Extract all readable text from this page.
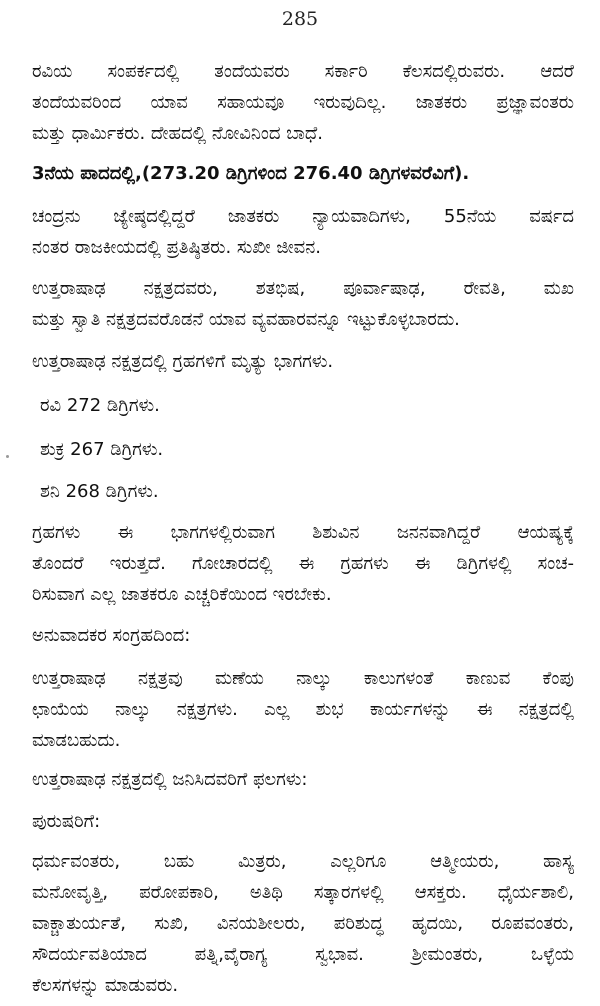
285
ರವಿಯ ಸಂಪರ್ಕದಲ್ಲಿ ತಂದೆಯವರು ಸರ್ಕಾರಿ ಕೆಲಸದಲ್ಲಿರುವರು. ಆದರೆ
ತಂದೆಯವರಿಂದ ಯಾವ ಸಹಾಯವೂ ಇರುವುದಿಲ್ಲ. ಜಾತಕರು ಪ್ರಜ್ಞಾವಂತರು
ಮತ್ತು ಧಾರ್ಮಿಕರು. ದೇಹದಲ್ಲಿ ನೋವಿನಿಂದ ಬಾಧೆ.
3ನೆಯ ಪಾದದಲ್ಲಿ,(273.20 ಡಿಗ್ರಿಗಳಿಂದ 276.40 ಡಿಗ್ರಿಗಳವರೆವಿಗೆ).
ಚಂದ್ರನು ಜ್ಯೇಷ್ಠದಲ್ಲಿದ್ದರೆ ಜಾತಕರು ನ್ಯಾಯವಾದಿಗಳು, 55ನೆಯ ವರ್ಷದ
ನಂತರ ರಾಜಕೀಯದಲ್ಲಿ ಪ್ರತಿಷ್ಠಿತರು. ಸುಖೀ ಜೀವನ.
ಉತ್ತರಾಷಾಢ ನಕ್ಷತ್ರದವರು, ಶತಭಿಷ, ಪೂರ್ವಾಷಾಢ, ರೇವತಿ, ಮಖ
ಮತ್ತು ಸ್ವಾತಿ ನಕ್ಷತ್ರದವರೊಡನೆ ಯಾವ ವ್ಯವಹಾರವನ್ನೂ ಇಟ್ಟುಕೊಳ್ಳಬಾರದು.
ಉತ್ತರಾಷಾಢ ನಕ್ಷತ್ರದಲ್ಲಿ ಗ್ರಹಗಳಿಗೆ ಮೃತ್ಯು ಭಾಗಗಳು.
ರವಿ 272 ಡಿಗ್ರಿಗಳು.
ಶುಕ್ರ 267 ಡಿಗ್ರಿಗಳು.
ಶನಿ 268 ಡಿಗ್ರಿಗಳು.
ಗ್ರಹಗಳು ಈ ಭಾಗಗಳಲ್ಲಿರುವಾಗ ಶಿಶುವಿನ ಜನನವಾಗಿದ್ದರೆ ಆಯಷ್ಯಕ್ಕೆ
ತೊಂದರೆ ಇರುತ್ತದೆ. ಗೋಚಾರದಲ್ಲಿ ಈ ಗ್ರಹಗಳು ಈ ಡಿಗ್ರಿಗಳಲ್ಲಿ ಸಂಚ-
ರಿಸುವಾಗ ಎಲ್ಲ ಜಾತಕರೂ ಎಚ್ಚರಿಕೆಯಿಂದ ಇರಬೇಕು.
ಅನುವಾದಕರ ಸಂಗ್ರಹದಿಂದ:
ಉತ್ತರಾಷಾಢ ನಕ್ಷತ್ರವು ಮಣೆಯ ನಾಲ್ಕು ಕಾಲುಗಳಂತೆ ಕಾಣುವ ಕೆಂಪು
ಛಾಯೆಯ ನಾಲ್ಕು ನಕ್ಷತ್ರಗಳು. ಎಲ್ಲ ಶುಭ ಕಾರ್ಯಗಳನ್ನು ಈ ನಕ್ಷತ್ರದಲ್ಲಿ
ಮಾಡಬಹುದು.
ಉತ್ತರಾಷಾಢ ನಕ್ಷತ್ರದಲ್ಲಿ ಜನಿಸಿದವರಿಗೆ ಫಲಗಳು:
ಪುರುಷರಿಗೆ:
ಧರ್ಮವಂತರು, ಬಹು ಮಿತ್ರರು, ಎಲ್ಲರಿಗೂ ಆತ್ಮೀಯರು, ಹಾಸ್ಯ
ಮನೋವೃತ್ತಿ, ಪರೋಪಕಾರಿ, ಅತಿಥಿ ಸತ್ಕಾರಗಳಲ್ಲಿ ಆಸಕ್ತರು. ಧೈರ್ಯಶಾಲಿ,
ವಾಕ್ಚಾತುರ್ಯತೆ, ಸುಖಿ, ವಿನಯಶೀಲರು, ಪರಿಶುದ್ಧ ಹೃದಯಿ, ರೂಪವಂತರು,
ಸೌದರ್ಯವತಿಯಾದ ಪತ್ನಿ,ವೈರಾಗ್ಯ ಸ್ವಭಾವ. ಶ್ರೀಮಂತರು, ಒಳ್ಳೆಯ
ಕೆಲಸಗಳನ್ನು ಮಾಡುವರು.
